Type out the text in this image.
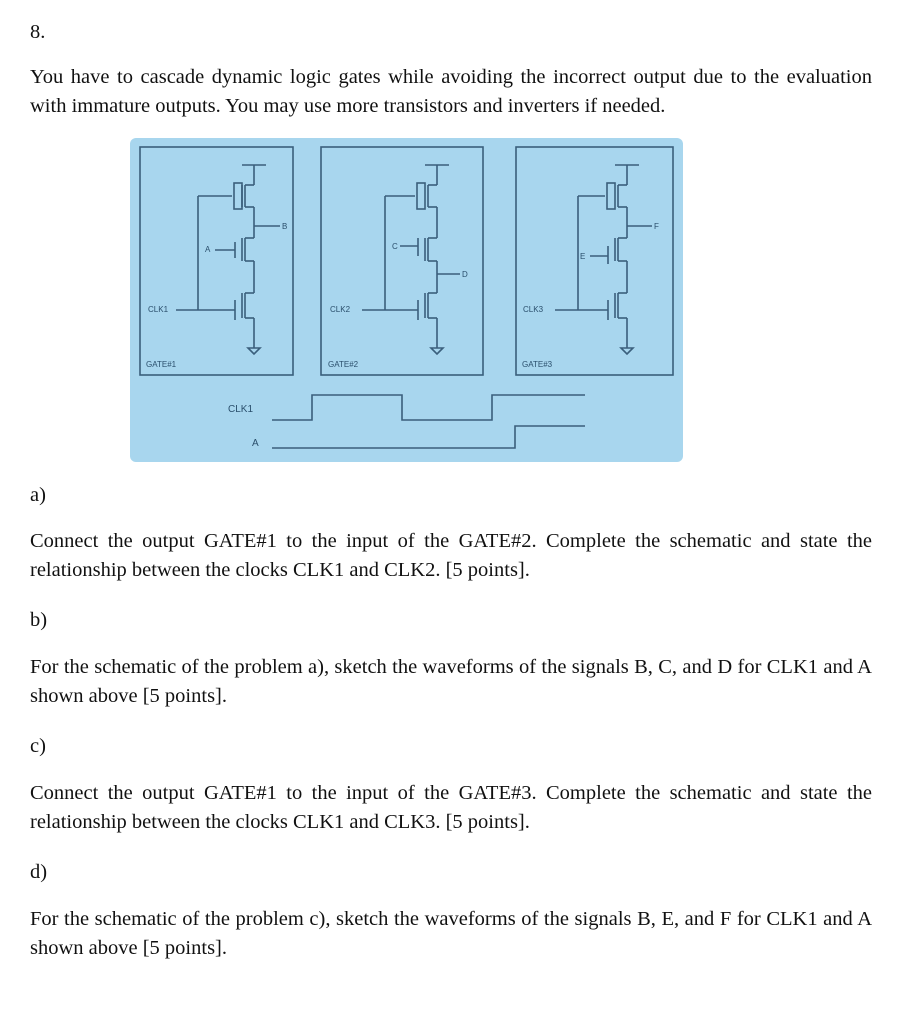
8.
You have to cascade dynamic logic gates while avoiding the incorrect output due to the evaluation with immature outputs. You may use more transistors and inverters if needed.
CLK1
A
B
GATE#1
CLK2
C
D
GATE#2
CLK3
E
F
GATE#3
CLK1
A
a)
Connect the output GATE#1 to the input of the GATE#2. Complete the schematic and state the relationship between the clocks CLK1 and CLK2. [5 points].
b)
For the schematic of the problem a), sketch the waveforms of the signals B, C, and D for CLK1 and A shown above [5 points].
c)
Connect the output GATE#1 to the input of the GATE#3. Complete the schematic and state the relationship between the clocks CLK1 and CLK3. [5 points].
d)
For the schematic of the problem c), sketch the waveforms of the signals B, E, and F for CLK1 and A shown above [5 points].
